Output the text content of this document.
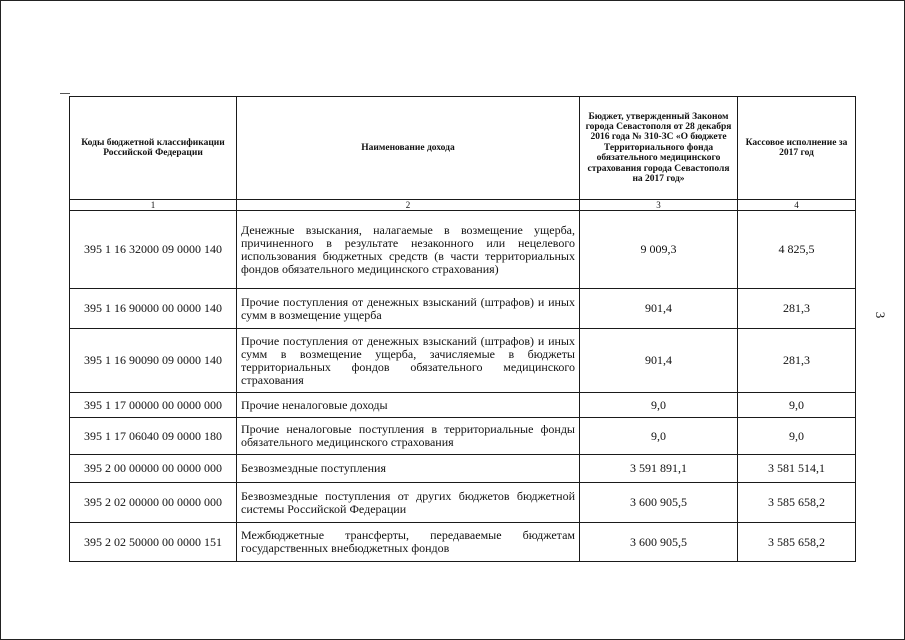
3
Коды бюджетной классификации Российской Федерации	Наименование дохода	Бюджет, утвержденный Законом города Севастополя от 28 декабря 2016 года № 310-ЗС «О бюджете Территориального фонда обязательного медицинского страхования города Севастополя на 2017 год»	Кассовое исполнение за 2017 год
1	2	3	4
395 1 16 32000 09 0000 140	Денежные взыскания, налагаемые в возмещение ущерба, причиненного в результате незаконного или нецелевого использования бюджетных средств (в части территориальных фондов обязательного медицинского страхования)	9 009,3	4 825,5
395 1 16 90000 00 0000 140	Прочие поступления от денежных взысканий (штрафов) и иных сумм в возмещение ущерба	901,4	281,3
395 1 16 90090 09 0000 140	Прочие поступления от денежных взысканий (штрафов) и иных сумм в возмещение ущерба, зачисляемые в бюджеты территориальных фондов обязательного медицинского страхования	901,4	281,3
395 1 17 00000 00 0000 000	Прочие неналоговые доходы	9,0	9,0
395 1 17 06040 09 0000 180	Прочие неналоговые поступления в территориальные фонды обязательного медицинского страхования	9,0	9,0
395 2 00 00000 00 0000 000	Безвозмездные поступления	3 591 891,1	3 581 514,1
395 2 02 00000 00 0000 000	Безвозмездные поступления от других бюджетов бюджетной системы Российской Федерации	3 600 905,5	3 585 658,2
395 2 02 50000 00 0000 151	Межбюджетные трансферты, передаваемые бюджетам государственных внебюджетных фондов	3 600 905,5	3 585 658,2
